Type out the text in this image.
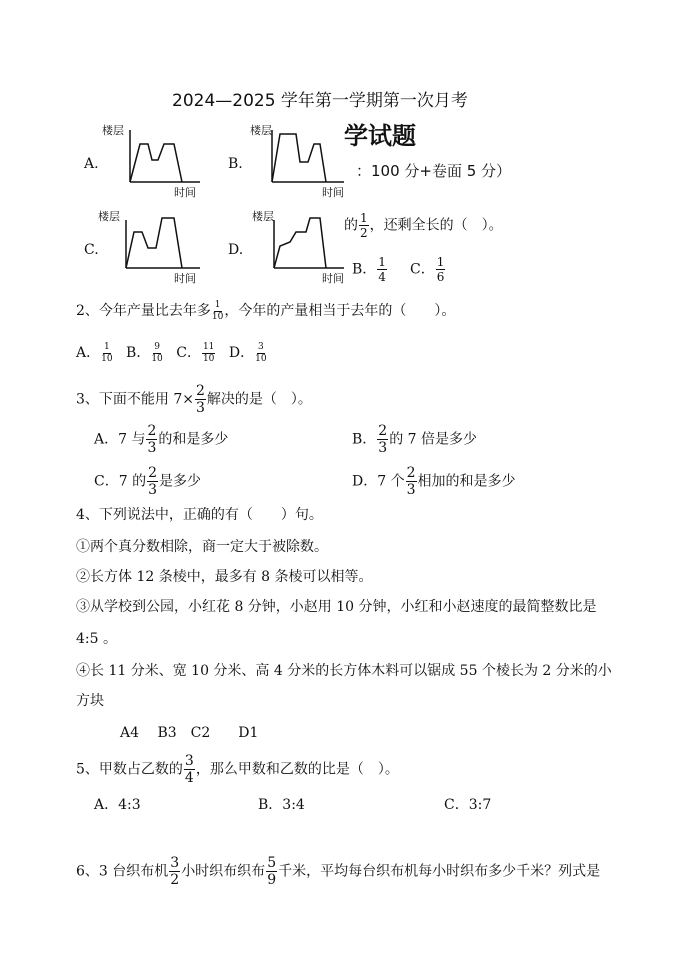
2024—2025 学年第一学期第一次月考
学试题
：100 分+卷面 5 分）
A.
楼层
时间
B.
楼层
时间
C.
楼层
时间
D.
楼层
时间
的 $\frac{1}{2}$ ，还剩全长的（　）。
B． $\frac{1}{4}$ C． $\frac{1}{6}$
2、今年产量比去年多 $\frac{1}{10}$ ，今年的产量相当于去年的（　　）。
A． $\frac{1}{10}$ B． $\frac{9}{10}$ C． $\frac{11}{10}$ D． $\frac{3}{10}$
3、下面不能用 $7\times \frac{2}{3}$ 解决的是（　）。
A．7 与 $\frac{2}{3}$ 的和是多少	B． $\frac{2}{3}$ 的 7 倍是多少
C．7 的 $\frac{2}{3}$ 是多少	D．7 个 $\frac{2}{3}$ 相加的和是多少
4、下列说法中，正确的有（　　）句。
①两个真分数相除，商一定大于被除数。
②长方体 12 条棱中，最多有 8 条棱可以相等。
③从学校到公园，小红花 8 分钟，小赵用 10 分钟，小红和小赵速度的最简整数比是
4:5 。
④长 11 分米、宽 10 分米、高 4 分米的长方体木料可以锯成 55 个棱长为 2 分米的小
方块
A4　 B3　C2　　D1
5、甲数占乙数的 $\frac{3}{4}$ ，那么甲数和乙数的比是（　）。
A．4:3	B．3:4	C．3:7
6、3 台织布机 $\frac{3}{2}$ 小时织布织布 $\frac{5}{9}$ 千米，平均每台织布机每小时织布多少千米？列式是
